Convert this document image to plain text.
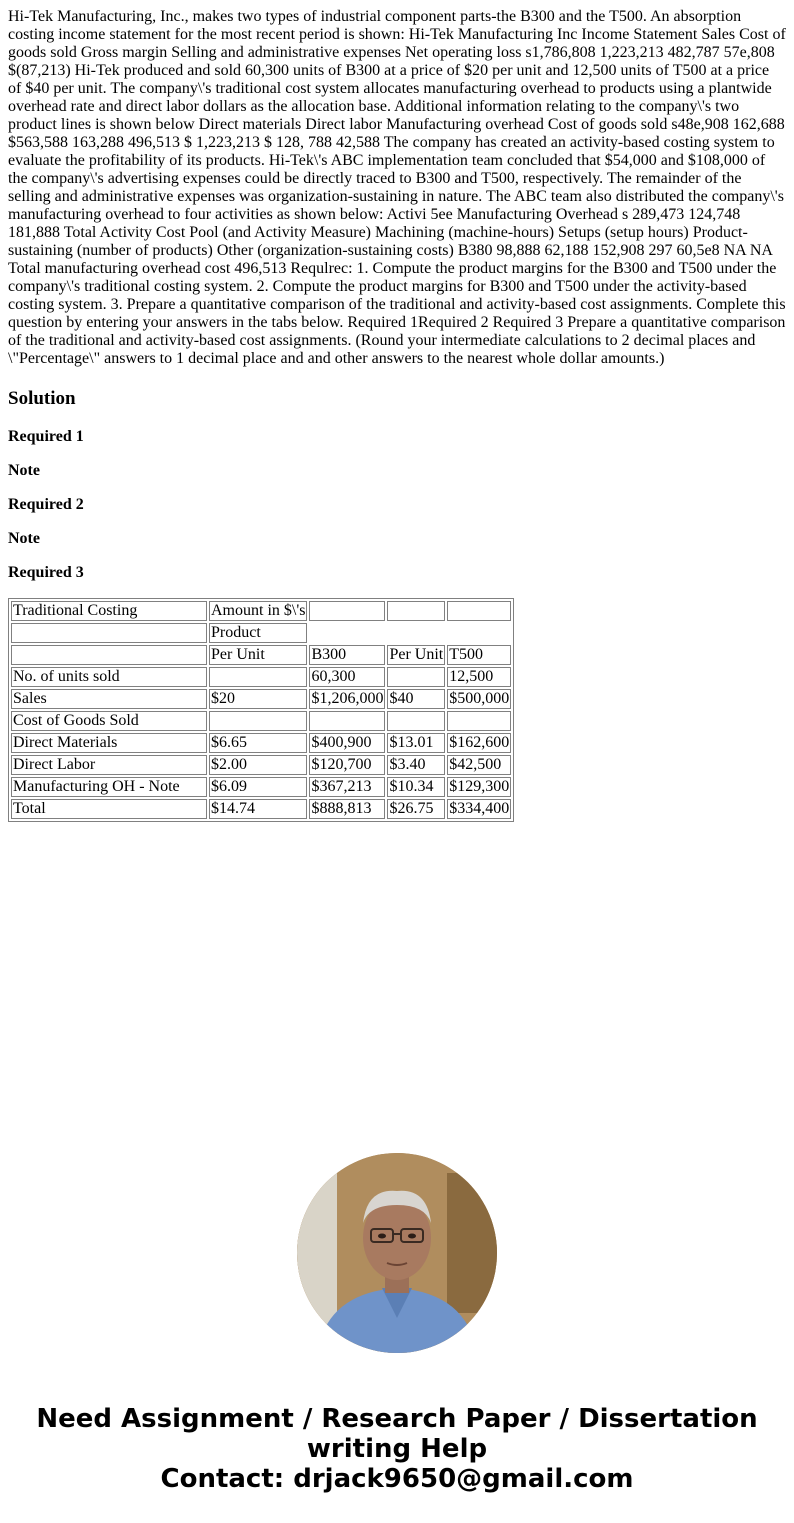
Hi-Tek Manufacturing, Inc., makes two types of industrial component parts-the B300 and the T500. An absorption costing income statement for the most recent period is shown: Hi-Tek Manufacturing Inc Income Statement Sales Cost of goods sold Gross margin Selling and administrative expenses Net operating loss s1,786,808 1,223,213 482,787 57e,808 $(87,213) Hi-Tek produced and sold 60,300 units of B300 at a price of $20 per unit and 12,500 units of T500 at a price of $40 per unit. The company\'s traditional cost system allocates manufacturing overhead to products using a plantwide overhead rate and direct labor dollars as the allocation base. Additional information relating to the company\'s two product lines is shown below Direct materials Direct labor Manufacturing overhead Cost of goods sold s48e,908 162,688 $563,588 163,288 496,513 $ 1,223,213 $ 128, 788 42,588 The company has created an activity-based costing system to evaluate the profitability of its products. Hi-Tek\'s ABC implementation team concluded that $54,000 and $108,000 of the company\'s advertising expenses could be directly traced to B300 and T500, respectively. The remainder of the selling and administrative expenses was organization-sustaining in nature. The ABC team also distributed the company\'s manufacturing overhead to four activities as shown below: Activi 5ee Manufacturing Overhead s 289,473 124,748 181,888 Total Activity Cost Pool (and Activity Measure) Machining (machine-hours) Setups (setup hours) Product-sustaining (number of products) Other (organization-sustaining costs) B380 98,888 62,188 152,908 297 60,5e8 NA NA Total manufacturing overhead cost 496,513 Requlrec: 1. Compute the product margins for the B300 and T500 under the company\'s traditional costing system. 2. Compute the product margins for B300 and T500 under the activity-based costing system. 3. Prepare a quantitative comparison of the traditional and activity-based cost assignments. Complete this question by entering your answers in the tabs below. Required 1Required 2 Required 3 Prepare a quantitative comparison of the traditional and activity-based cost assignments. (Round your intermediate calculations to 2 decimal places and \"Percentage\" answers to 1 decimal place and and other answers to the nearest whole dollar amounts.)

Solution
Required 1
Note
Required 2
Note
Required 3
Traditional Costing	Amount in $\'s			
	Product			
	Per Unit	B300	Per Unit	T500
No. of units sold		60,300		12,500
Sales	$20	$1,206,000	$40	$500,000
Cost of Goods Sold				
Direct Materials	$6.65	$400,900	$13.01	$162,600
Direct Labor	$2.00	$120,700	$3.40	$42,500
Manufacturing OH - Note	$6.09	$367,213	$10.34	$129,300
Total	$14.74	$888,813	$26.75	$334,400
Need Assignment / Research Paper / Dissertation
writing Help
Contact: drjack9650@gmail.com
